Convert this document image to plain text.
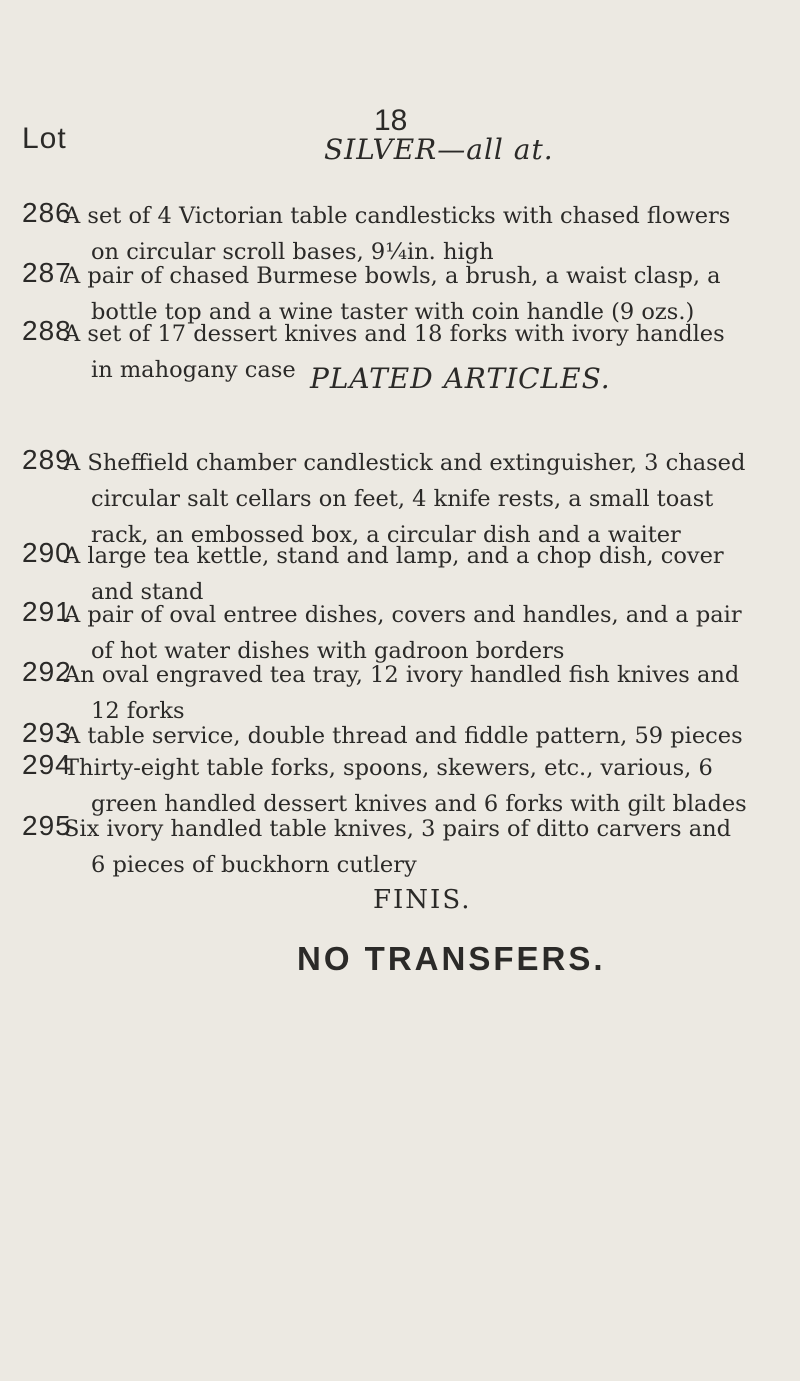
18
Lot	SILVER—all at.
286
A set of 4 Victorian table candlesticks with chased flowers
on circular scroll bases, 9¼in. high
287
A pair of chased Burmese bowls, a brush, a waist clasp, a
bottle top and a wine taster with coin handle (9 ozs.)
288
A set of 17 dessert knives and 18 forks with ivory handles
in mahogany case PLATED ARTICLES.
289
A Sheffield chamber candlestick and extinguisher, 3 chased
circular salt cellars on feet, 4 knife rests, a small toast
rack, an embossed box, a circular dish and a waiter
290
A large tea kettle, stand and lamp, and a chop dish, cover
and stand
291
A pair of oval entree dishes, covers and handles, and a pair
of hot water dishes with gadroon borders
292
An oval engraved tea tray, 12 ivory handled fish knives and
12 forks
293
A table service, double thread and fiddle pattern, 59 pieces
294
Thirty-eight table forks, spoons, skewers, etc., various, 6
green handled dessert knives and 6 forks with gilt blades
295
Six ivory handled table knives, 3 pairs of ditto carvers and
6 pieces of buckhorn cutlery
FINIS.
NO TRANSFERS.
